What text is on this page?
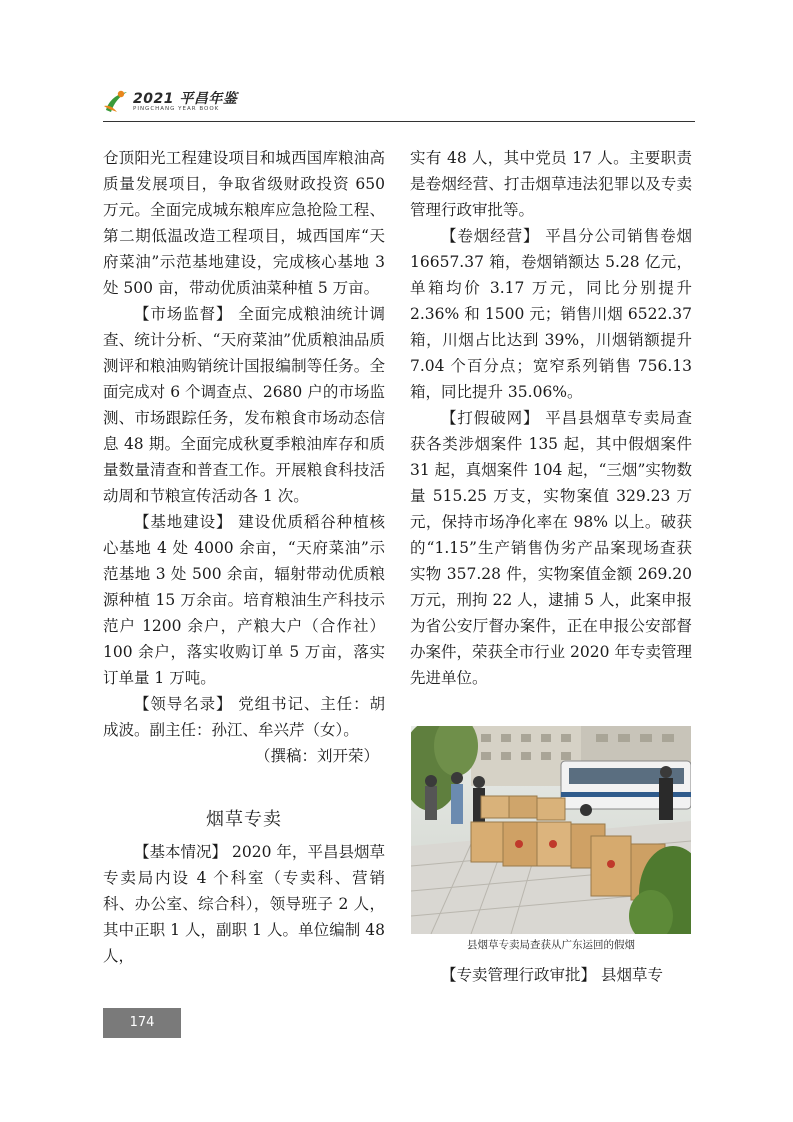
2021 平昌年鉴
PINGCHANG YEAR BOOK

仓顶阳光工程建设项目和城西国库粮油高质量发展项目，争取省级财政投资 650 万元。全面完成城东粮库应急抢险工程、第二期低温改造工程项目，城西国库“天府菜油”示范基地建设，完成核心基地 3 处 500 亩，带动优质油菜种植 5 万亩。

【市场监督】 全面完成粮油统计调查、统计分析、“天府菜油”优质粮油品质测评和粮油购销统计国报编制等任务。全面完成对 6 个调查点、2680 户的市场监测、市场跟踪任务，发布粮食市场动态信息 48 期。全面完成秋夏季粮油库存和质量数量清查和普查工作。开展粮食科技活动周和节粮宣传活动各 1 次。

【基地建设】 建设优质稻谷种植核心基地 4 处 4000 余亩，“天府菜油”示范基地 3 处 500 余亩，辐射带动优质粮源种植 15 万余亩。培育粮油生产科技示范户 1200 余户，产粮大户（合作社）100 余户，落实收购订单 5 万亩，落实订单量 1 万吨。

【领导名录】 党组书记、主任：胡成波。副主任：孙江、牟兴芹（女）。

（撰稿：刘开荣）

烟草专卖

【基本情况】 2020 年，平昌县烟草专卖局内设 4 个科室（专卖科、营销科、办公室、综合科），领导班子 2 人，其中正职 1 人，副职 1 人。单位编制 48 人，

实有 48 人，其中党员 17 人。主要职责是卷烟经营、打击烟草违法犯罪以及专卖管理行政审批等。

【卷烟经营】 平昌分公司销售卷烟 16657.37 箱，卷烟销额达 5.28 亿元，单箱均价 3.17 万元，同比分别提升 2.36% 和 1500 元；销售川烟 6522.37 箱，川烟占比达到 39%，川烟销额提升 7.04 个百分点；宽窄系列销售 756.13 箱，同比提升 35.06%。

【打假破网】 平昌县烟草专卖局查获各类涉烟案件 135 起，其中假烟案件 31 起，真烟案件 104 起，“三烟”实物数量 515.25 万支，实物案值 329.23 万元，保持市场净化率在 98% 以上。破获的“1.15”生产销售伪劣产品案现场查获实物 357.28 件，实物案值金额 269.20 万元，刑拘 22 人，逮捕 5 人，此案申报为省公安厅督办案件，正在申报公安部督办案件，荣获全市行业 2020 年专卖管理先进单位。

县烟草专卖局查获从广东运回的假烟

【专卖管理行政审批】 县烟草专

174
